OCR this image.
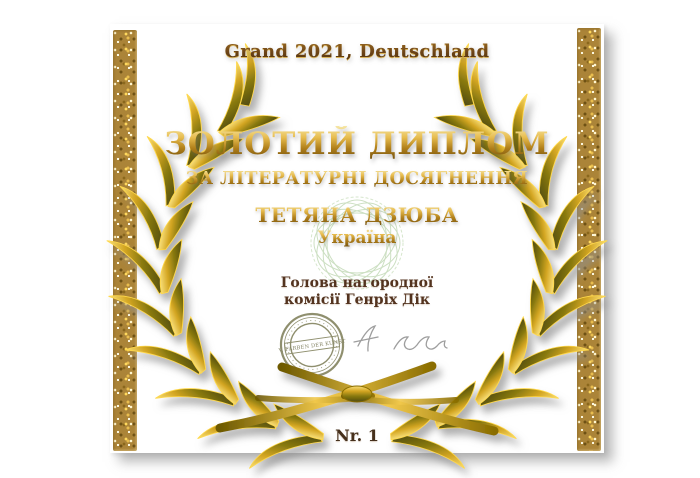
V. FARBEN DER KUNST
Grand 2021, Deutschland
ЗОЛОТИЙ ДИПЛОМ
ЗА ЛІТЕРАТУРНІ ДОСЯГНЕННЯ
ТЕТЯНА ДЗЮБА
Україна
Голова нагородної
комісії Генріх Дік
Nr. 1
